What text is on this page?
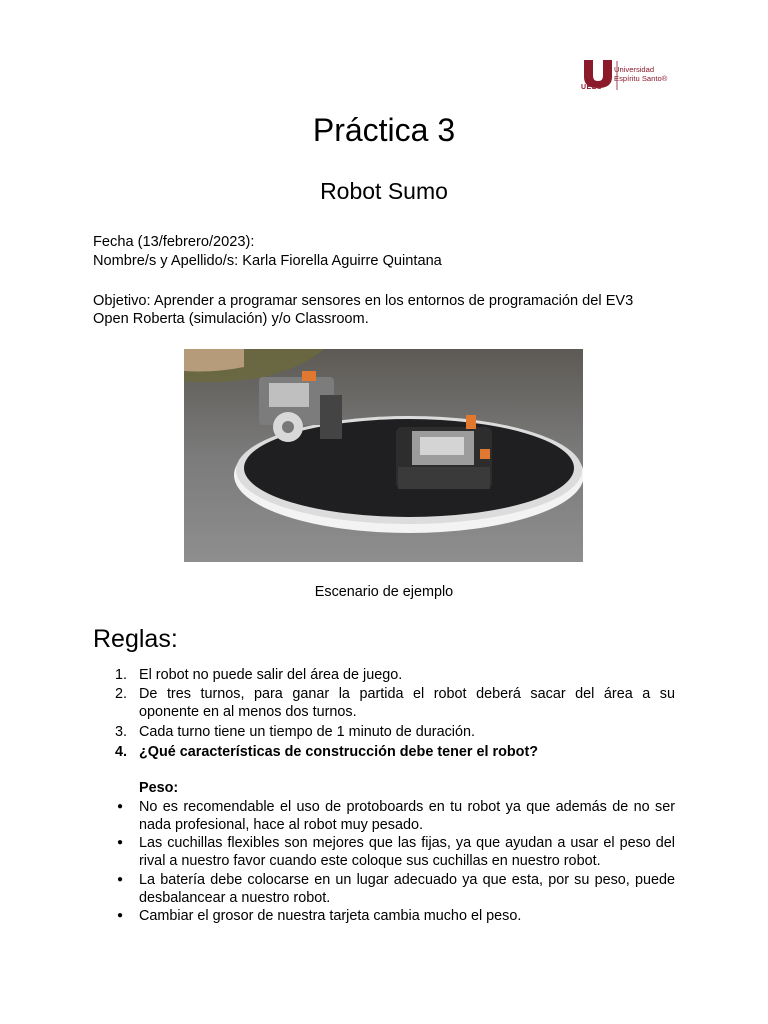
UEES
Universidad
Espíritu Santo®
Práctica 3
Robot Sumo
Fecha (13/febrero/2023):
Nombre/s y Apellido/s: Karla Fiorella Aguirre Quintana
Objetivo: Aprender a programar sensores en los entornos de programación del EV3
Open Roberta (simulación) y/o Classroom.
Escenario de ejemplo
Reglas:
1. El robot no puede salir del área de juego.
2. De tres turnos, para ganar la partida el robot deberá sacar del área a su
oponente en al menos dos turnos.
3. Cada turno tiene un tiempo de 1 minuto de duración.
4. ¿Qué características de construcción debe tener el robot?
Peso:
● No es recomendable el uso de protoboards en tu robot ya que además de no ser
nada profesional, hace al robot muy pesado.
● Las cuchillas flexibles son mejores que las fijas, ya que ayudan a usar el peso del
rival a nuestro favor cuando este coloque sus cuchillas en nuestro robot.
● La batería debe colocarse en un lugar adecuado ya que esta, por su peso, puede
desbalancear a nuestro robot.
● Cambiar el grosor de nuestra tarjeta cambia mucho el peso.
